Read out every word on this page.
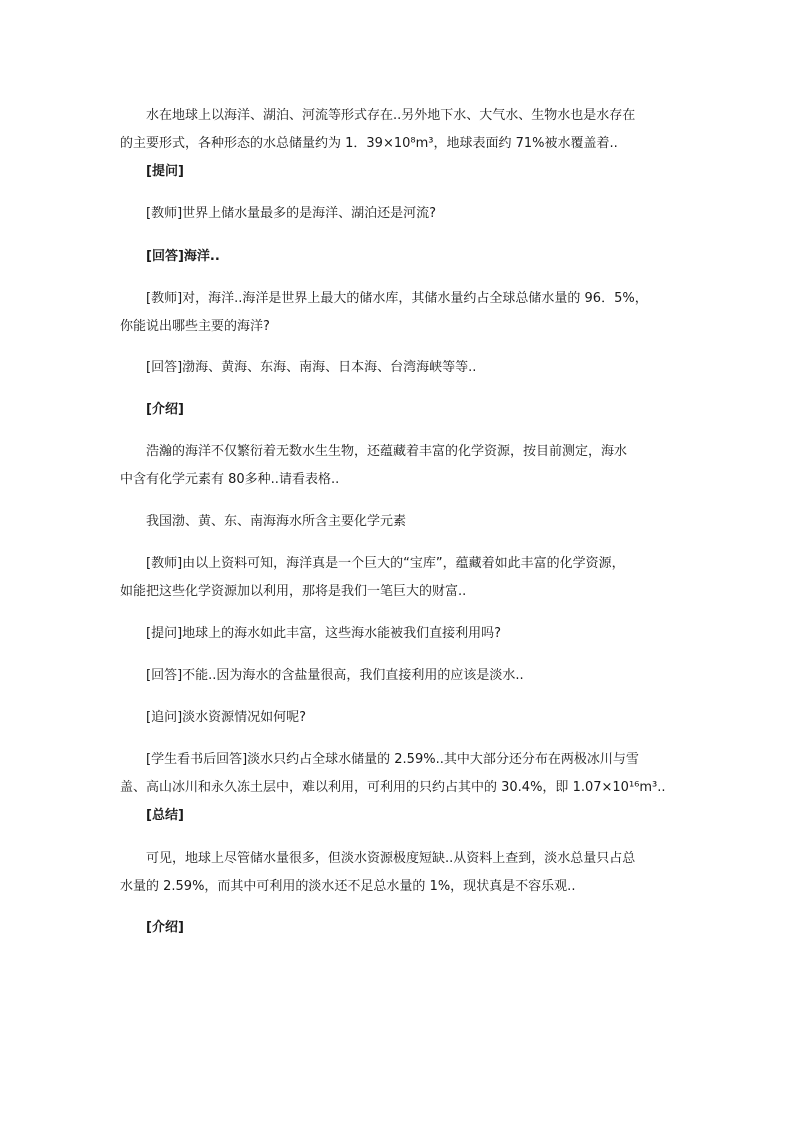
水在地球上以海洋、湖泊、河流等形式存在..另外地下水、大气水、生物水也是水存在
的主要形式，各种形态的水总储量约为 1．39×10⁸m³，地球表面约 71%被水覆盖着..
[提问]
[教师]世界上储水量最多的是海洋、湖泊还是河流?
[回答]海洋..
[教师]对，海洋..海洋是世界上最大的储水库，其储水量约占全球总储水量的 96．5%，
你能说出哪些主要的海洋?
[回答]渤海、黄海、东海、南海、日本海、台湾海峡等等..
[介绍]
浩瀚的海洋不仅繁衍着无数水生生物，还蕴藏着丰富的化学资源，按目前测定，海水
中含有化学元素有 80多种..请看表格..
我国渤、黄、东、南海海水所含主要化学元素
[教师]由以上资料可知，海洋真是一个巨大的“宝库”，蕴藏着如此丰富的化学资源，
如能把这些化学资源加以利用，那将是我们一笔巨大的财富..
[提问]地球上的海水如此丰富，这些海水能被我们直接利用吗?
[回答]不能..因为海水的含盐量很高，我们直接利用的应该是淡水..
[追问]淡水资源情况如何呢?
[学生看书后回答]淡水只约占全球水储量的 2.59%..其中大部分还分布在两极冰川与雪
盖、高山冰川和永久冻土层中，难以利用，可利用的只约占其中的 30.4%，即 1.07×10¹⁶m³..
[总结]
可见，地球上尽管储水量很多，但淡水资源极度短缺..从资料上查到，淡水总量只占总
水量的 2.59%，而其中可利用的淡水还不足总水量的 1%，现状真是不容乐观..
[介绍]
